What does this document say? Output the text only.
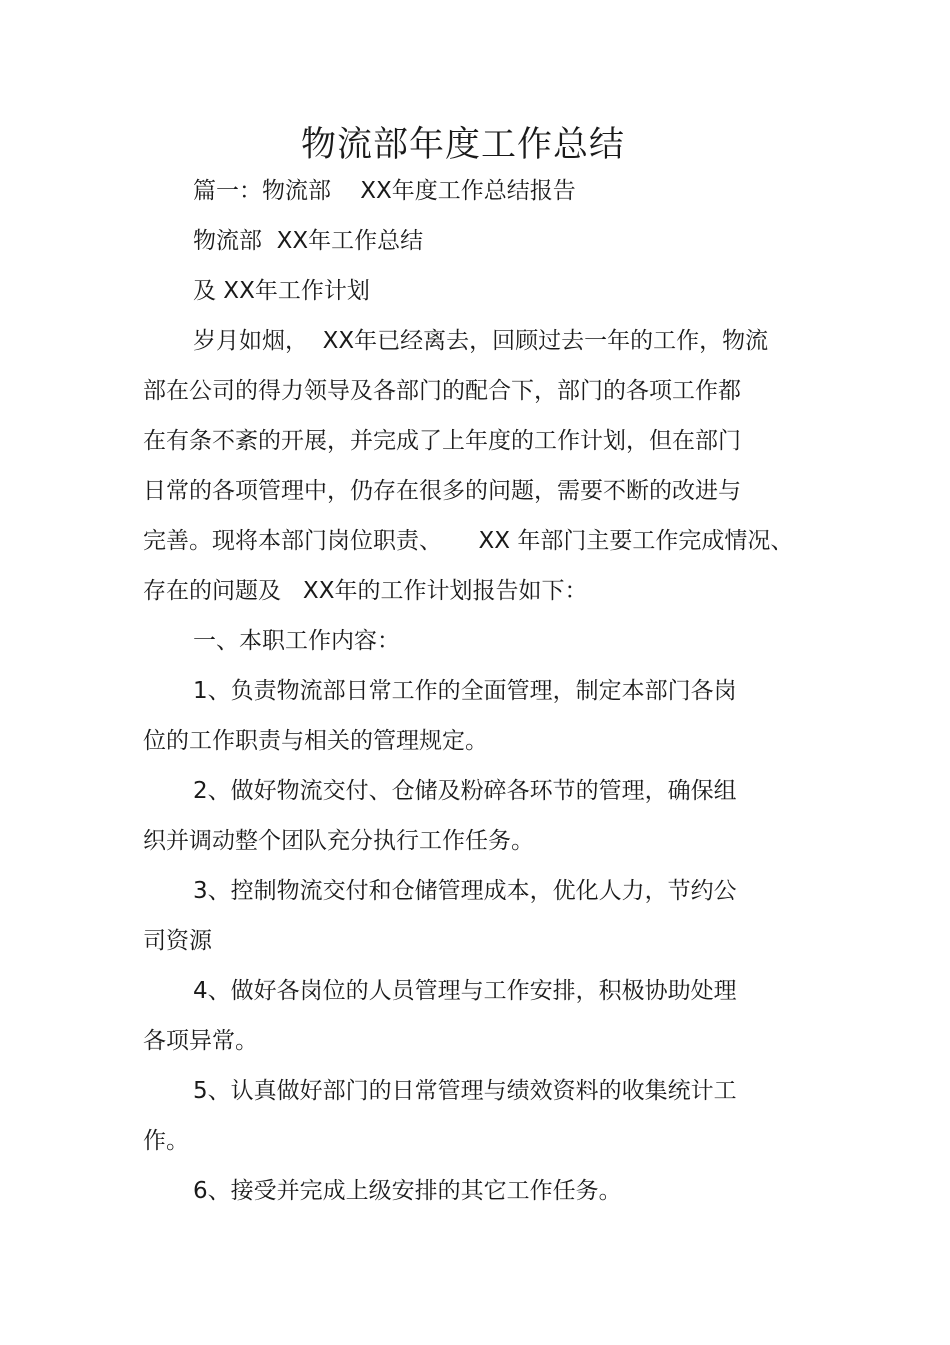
物流部年度工作总结

篇一：物流部    XX年度工作总结报告

物流部  XX年工作总结

及 XX年工作计划

岁月如烟，  XX年已经离去，回顾过去一年的工作，物流

部在公司的得力领导及各部门的配合下，部门的各项工作都

在有条不紊的开展，并完成了上年度的工作计划，但在部门

日常的各项管理中，仍存在很多的问题，需要不断的改进与

完善。现将本部门岗位职责、     XX 年部门主要工作完成情况、

存在的问题及   XX年的工作计划报告如下：

一、本职工作内容：

1、负责物流部日常工作的全面管理，制定本部门各岗

位的工作职责与相关的管理规定。

2、做好物流交付、仓储及粉碎各环节的管理，确保组

织并调动整个团队充分执行工作任务。

3、控制物流交付和仓储管理成本，优化人力，节约公

司资源

4、做好各岗位的人员管理与工作安排，积极协助处理

各项异常。

5、认真做好部门的日常管理与绩效资料的收集统计工

作。

6、接受并完成上级安排的其它工作任务。
